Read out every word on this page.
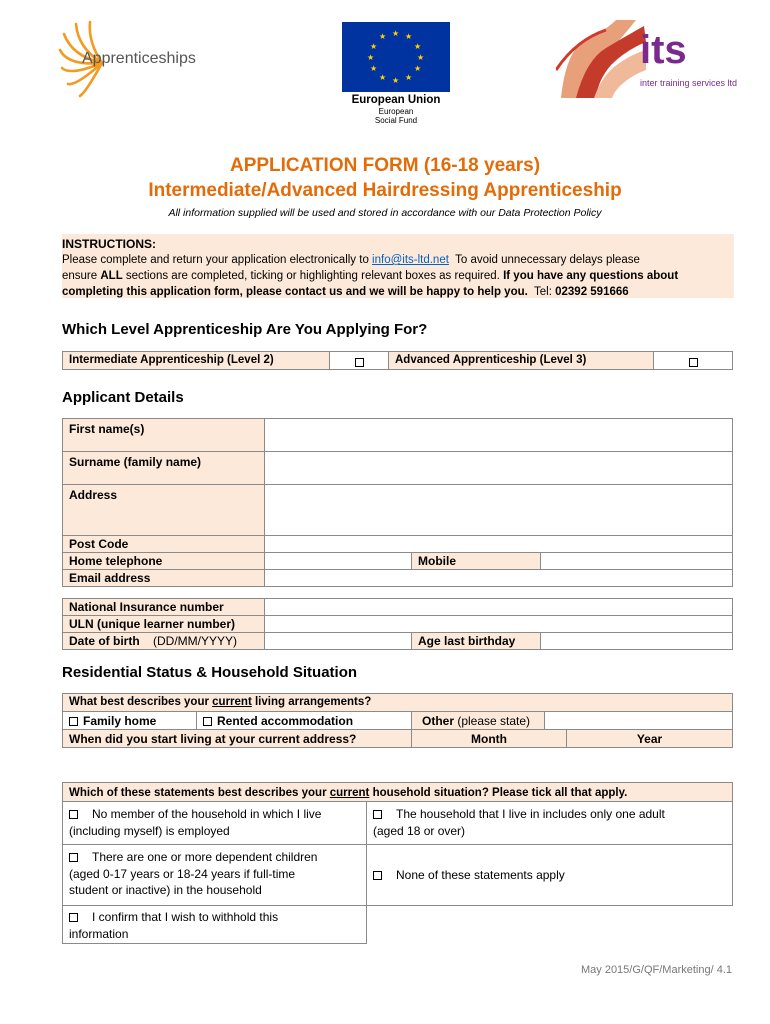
Apprenticeships
★ ★
★
★
★
★
★
★
★
★
★
★
European Union
European
Social Fund
its
inter training services ltd
APPLICATION FORM (16-18 years)
Intermediate/Advanced Hairdressing Apprenticeship
All information supplied will be used and stored in accordance with our Data Protection Policy
INSTRUCTIONS:
Please complete and return your application electronically to info@its-ltd.net  To avoid unnecessary delays please
ensure ALL sections are completed, ticking or highlighting relevant boxes as required. If you have any questions about
completing this application form, please contact us and we will be happy to help you.  Tel: 02392 591666
Which Level Apprenticeship Are You Applying For?
Intermediate Apprenticeship (Level 2)	Advanced Apprenticeship (Level 3)
Applicant Details
First name(s)
Surname (family name)
Address
Post Code
Home telephone	Mobile
Email address
National Insurance number
ULN (unique learner number)
Date of birth (DD/MM/YYYY)	Age last birthday
Residential Status & Household Situation
What best describes your current living arrangements?
Family home	Rented accommodation	Other (please state)
When did you start living at your current address?	Month	Year
Which of these statements best describes your current household situation? Please tick all that apply.
No member of the household in which I live
(including myself) is employed
The household that I live in includes only one adult
(aged 18 or over)
There are one or more dependent children
(aged 0-17 years or 18-24 years if full-time
student or inactive) in the household
None of these statements apply
I confirm that I wish to withhold this
information
May 2015/G/QF/Marketing/ 4.1
